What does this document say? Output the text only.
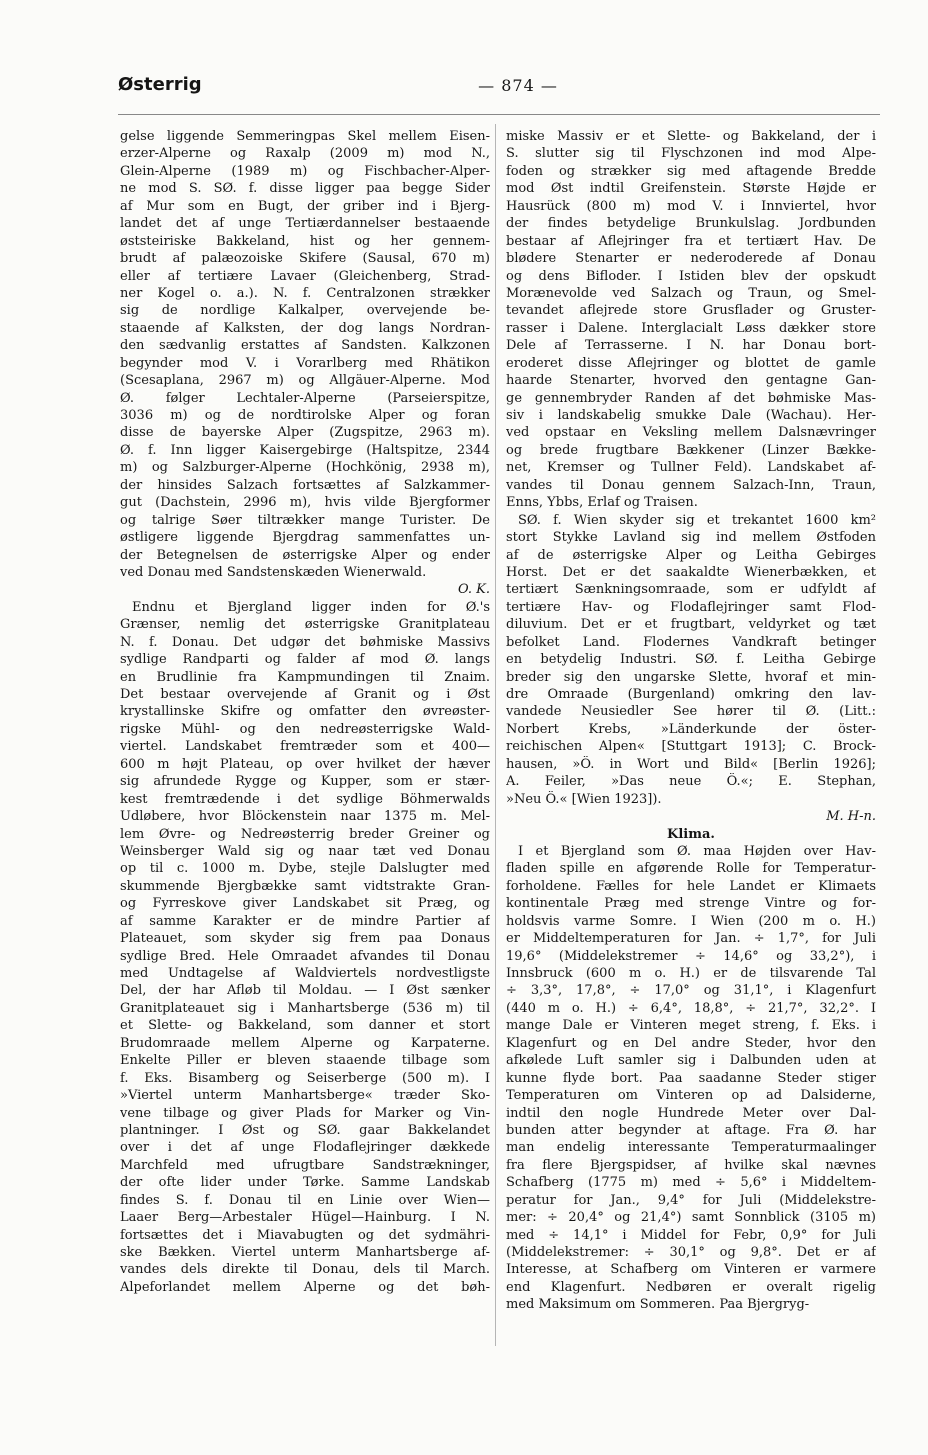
Østerrig	— 874 —
gelse liggende Semmeringpas Skel mellem Eisen-
erzer-Alperne og Raxalp (2009 m) mod N.,
Glein-Alperne (1989 m) og Fischbacher-Alper-
ne mod S. SØ. f. disse ligger paa begge Sider
af Mur som en Bugt, der griber ind i Bjerg-
landet det af unge Tertiærdannelser bestaaende
øststeiriske Bakkeland, hist og her gennem-
brudt af palæozoiske Skifere (Sausal, 670 m)
eller af tertiære Lavaer (Gleichenberg, Strad-
ner Kogel o. a.). N. f. Centralzonen strækker
sig de nordlige Kalkalper, overvejende be-
staaende af Kalksten, der dog langs Nordran-
den sædvanlig erstattes af Sandsten. Kalkzonen
begynder mod V. i Vorarlberg med Rhätikon
(Scesaplana, 2967 m) og Allgäuer-Alperne. Mod
Ø. følger Lechtaler-Alperne (Parseierspitze,
3036 m) og de nordtirolske Alper og foran
disse de bayerske Alper (Zugspitze, 2963 m).
Ø. f. Inn ligger Kaisergebirge (Haltspitze, 2344
m) og Salzburger-Alperne (Hochkönig, 2938 m),
der hinsides Salzach fortsættes af Salzkammer-
gut (Dachstein, 2996 m), hvis vilde Bjergformer
og talrige Søer tiltrækker mange Turister. De
østligere liggende Bjergdrag sammenfattes un-
der Betegnelsen de østerrigske Alper og ender
ved Donau med Sandstenskæden Wienerwald.
O. K.
Endnu et Bjergland ligger inden for Ø.'s
Grænser, nemlig det østerrigske Granitplateau
N. f. Donau. Det udgør det bøhmiske Massivs
sydlige Randparti og falder af mod Ø. langs
en Brudlinie fra Kampmundingen til Znaim.
Det bestaar overvejende af Granit og i Øst
krystallinske Skifre og omfatter den øvreøster-
rigske Mühl- og den nedreøsterrigske Wald-
viertel. Landskabet fremtræder som et 400—
600 m højt Plateau, op over hvilket der hæver
sig afrundede Rygge og Kupper, som er stær-
kest fremtrædende i det sydlige Böhmerwalds
Udløbere, hvor Blöckenstein naar 1375 m. Mel-
lem Øvre- og Nedreøsterrig breder Greiner og
Weinsberger Wald sig og naar tæt ved Donau
op til c. 1000 m. Dybe, stejle Dalslugter med
skummende Bjergbække samt vidtstrakte Gran-
og Fyrreskove giver Landskabet sit Præg, og
af samme Karakter er de mindre Partier af
Plateauet, som skyder sig frem paa Donaus
sydlige Bred. Hele Omraadet afvandes til Donau
med Undtagelse af Waldviertels nordvestligste
Del, der har Afløb til Moldau. — I Øst sænker
Granitplateauet sig i Manhartsberge (536 m) til
et Slette- og Bakkeland, som danner et stort
Brudomraade mellem Alperne og Karpaterne.
Enkelte Piller er bleven staaende tilbage som
f. Eks. Bisamberg og Seiserberge (500 m). I
»Viertel unterm Manhartsberge« træder Sko-
vene tilbage og giver Plads for Marker og Vin-
plantninger. I Øst og SØ. gaar Bakkelandet
over i det af unge Flodaflejringer dækkede
Marchfeld med ufrugtbare Sandstrækninger,
der ofte lider under Tørke. Samme Landskab
findes S. f. Donau til en Linie over Wien—
Laaer Berg—Arbestaler Hügel—Hainburg. I N.
fortsættes det i Miavabugten og det sydmähri-
ske Bækken. Viertel unterm Manhartsberge af-
vandes dels direkte til Donau, dels til March.
Alpeforlandet mellem Alperne og det bøh-
miske Massiv er et Slette- og Bakkeland, der i
S. slutter sig til Flyschzonen ind mod Alpe-
foden og strækker sig med aftagende Bredde
mod Øst indtil Greifenstein. Største Højde er
Hausrück (800 m) mod V. i Innviertel, hvor
der findes betydelige Brunkulslag. Jordbunden
bestaar af Aflejringer fra et tertiært Hav. De
blødere Stenarter er nederoderede af Donau
og dens Bifloder. I Istiden blev der opskudt
Morænevolde ved Salzach og Traun, og Smel-
tevandet aflejrede store Grusflader og Gruster-
rasser i Dalene. Interglacialt Løss dækker store
Dele af Terrasserne. I N. har Donau bort-
eroderet disse Aflejringer og blottet de gamle
haarde Stenarter, hvorved den gentagne Gan-
ge gennembryder Randen af det bøhmiske Mas-
siv i landskabelig smukke Dale (Wachau). Her-
ved opstaar en Veksling mellem Dalsnævringer
og brede frugtbare Bækkener (Linzer Bække-
net, Kremser og Tullner Feld). Landskabet af-
vandes til Donau gennem Salzach-Inn, Traun,
Enns, Ybbs, Erlaf og Traisen.
SØ. f. Wien skyder sig et trekantet 1600 km²
stort Stykke Lavland sig ind mellem Østfoden
af de østerrigske Alper og Leitha Gebirges
Horst. Det er det saakaldte Wienerbækken, et
tertiært Sænkningsomraade, som er udfyldt af
tertiære Hav- og Flodaflejringer samt Flod-
diluvium. Det er et frugtbart, veldyrket og tæt
befolket Land. Flodernes Vandkraft betinger
en betydelig Industri. SØ. f. Leitha Gebirge
breder sig den ungarske Slette, hvoraf et min-
dre Omraade (Burgenland) omkring den lav-
vandede Neusiedler See hører til Ø. (Litt.:
Norbert Krebs, »Länderkunde der öster-
reichischen Alpen« [Stuttgart 1913]; C. Brock-
hausen, »Ö. in Wort und Bild« [Berlin 1926];
A. Feiler, »Das neue Ö.«; E. Stephan,
»Neu Ö.« [Wien 1923]).
M. H-n.
Klima.
I et Bjergland som Ø. maa Højden over Hav-
fladen spille en afgørende Rolle for Temperatur-
forholdene. Fælles for hele Landet er Klimaets
kontinentale Præg med strenge Vintre og for-
holdsvis varme Somre. I Wien (200 m o. H.)
er Middeltemperaturen for Jan. ÷ 1,7°, for Juli
19,6° (Middelekstremer ÷ 14,6° og 33,2°), i
Innsbruck (600 m o. H.) er de tilsvarende Tal
÷ 3,3°, 17,8°, ÷ 17,0° og 31,1°, i Klagenfurt
(440 m o. H.) ÷ 6,4°, 18,8°, ÷ 21,7°, 32,2°. I
mange Dale er Vinteren meget streng, f. Eks. i
Klagenfurt og en Del andre Steder, hvor den
afkølede Luft samler sig i Dalbunden uden at
kunne flyde bort. Paa saadanne Steder stiger
Temperaturen om Vinteren op ad Dalsiderne,
indtil den nogle Hundrede Meter over Dal-
bunden atter begynder at aftage. Fra Ø. har
man endelig interessante Temperaturmaalinger
fra flere Bjergspidser, af hvilke skal nævnes
Schafberg (1775 m) med ÷ 5,6° i Middeltem-
peratur for Jan., 9,4° for Juli (Middelekstre-
mer: ÷ 20,4° og 21,4°) samt Sonnblick (3105 m)
med ÷ 14,1° i Middel for Febr, 0,9° for Juli
(Middelekstremer: ÷ 30,1° og 9,8°. Det er af
Interesse, at Schafberg om Vinteren er varmere
end Klagenfurt. Nedbøren er overalt rigelig
med Maksimum om Sommeren. Paa Bjergryg-
